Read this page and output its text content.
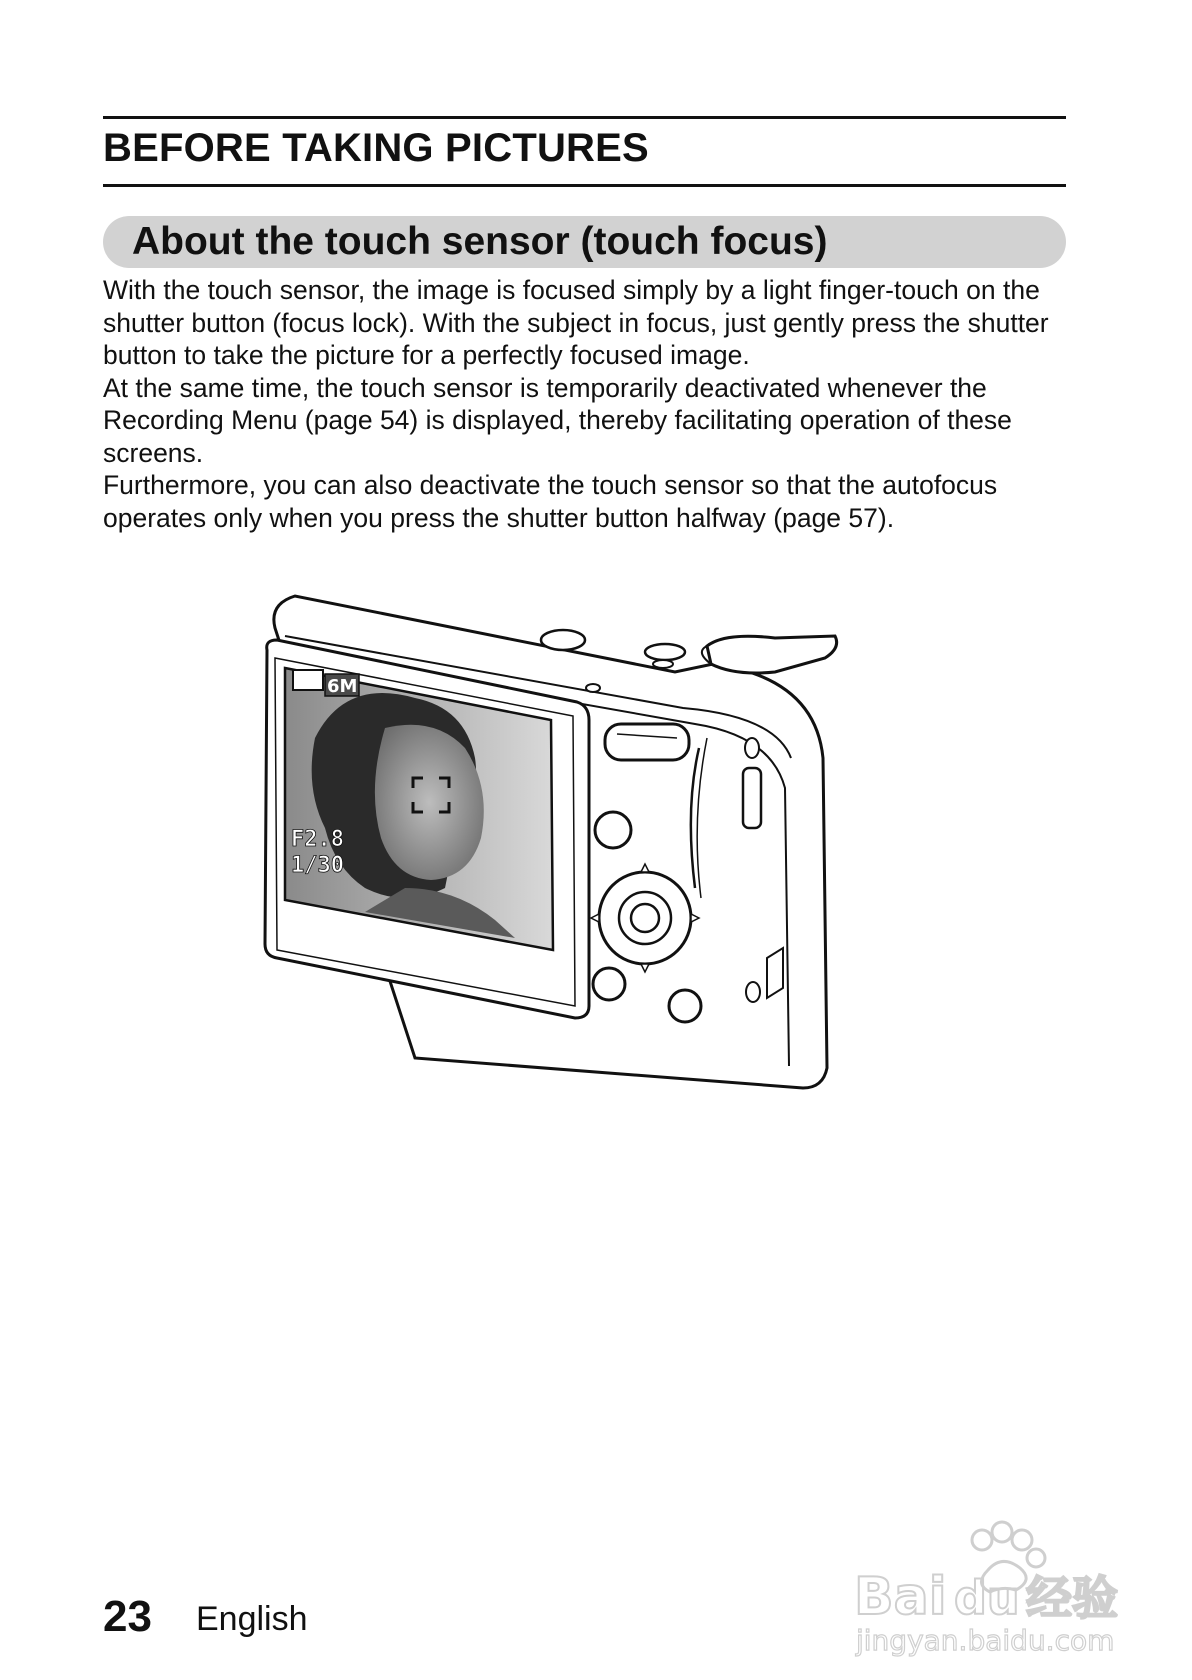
BEFORE TAKING PICTURES
About the touch sensor (touch focus)

With the touch sensor, the image is focused simply by a light finger-touch on the shutter button (focus lock). With the subject in focus, just gently press the shutter button to take the picture for a perfectly focused image.

At the same time, the touch sensor is temporarily deactivated whenever the Recording Menu (page 54) is displayed, thereby facilitating operation of these screens.

Furthermore, you can also deactivate the touch sensor so that the autofocus operates only when you press the shutter button halfway (page 57).

6M
F2.8
1/30
23 English	Bai du 经验
jingyan.baidu.com
